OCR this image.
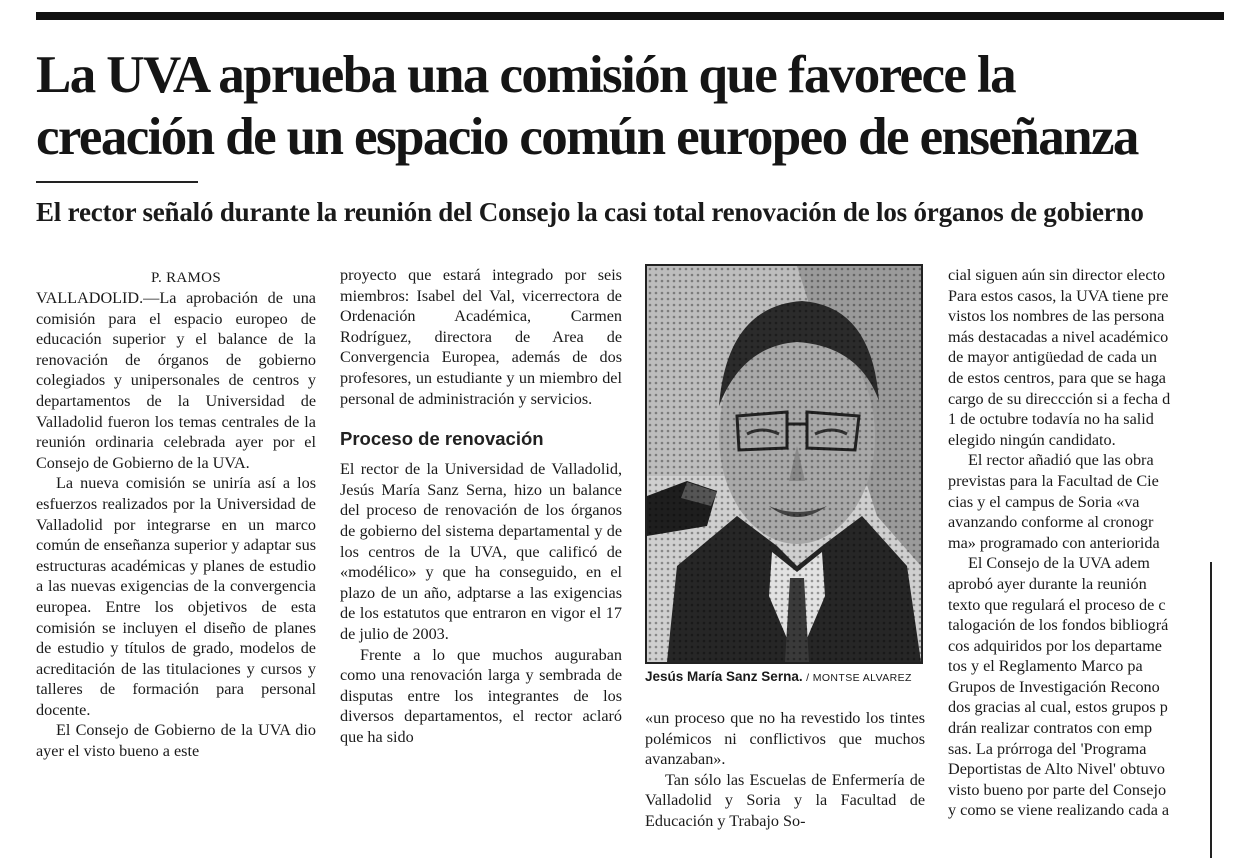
La UVA aprueba una comisión que favorece la
creación de un espacio común europeo de enseñanza
El rector señaló durante la reunión del Consejo la casi total renovación de los órganos de gobierno
P. RAMOS

VALLADOLID.—La aprobación de una comisión para el espacio europeo de educación superior y el balance de la renovación de órganos de gobierno colegiados y unipersonales de centros y departamentos de la Universidad de Valladolid fueron los temas centrales de la reunión ordinaria celebrada ayer por el Consejo de Gobierno de la UVA.

La nueva comisión se uniría así a los esfuerzos realizados por la Universidad de Valladolid por integrarse en un marco común de enseñanza superior y adaptar sus estructuras académicas y planes de estudio a las nuevas exigencias de la convergencia europea. Entre los objetivos de esta comisión se incluyen el diseño de planes de estudio y títulos de grado, modelos de acreditación de las titulaciones y cursos y talleres de formación para personal docente.

El Consejo de Gobierno de la UVA dio ayer el visto bueno a este

proyecto que estará integrado por seis miembros: Isabel del Val, vicerrectora de Ordenación Académica, Carmen Rodríguez, directora de Area de Convergencia Europea, además de dos profesores, un estudiante y un miembro del personal de administración y servicios.

Proceso de renovación

El rector de la Universidad de Valladolid, Jesús María Sanz Serna, hizo un balance del proceso de renovación de los órganos de gobierno del sistema departamental y de los centros de la UVA, que calificó de «modélico» y que ha conseguido, en el plazo de un año, adptarse a las exigencias de los estatutos que entraron en vigor el 17 de julio de 2003.

Frente a lo que muchos auguraban como una renovación larga y sembrada de disputas entre los integrantes de los diversos departamentos, el rector aclaró que ha sido

Jesús María Sanz Serna. / MONTSE ALVAREZ

«un proceso que no ha revestido los tintes polémicos ni conflictivos que muchos avanzaban».

Tan sólo las Escuelas de Enfermería de Valladolid y Soria y la Facultad de Educación y Trabajo So-

cial siguen aún sin director electo
Para estos casos, la UVA tiene pre
vistos los nombres de las persona
más destacadas a nivel académico
de mayor antigüedad de cada un
de estos centros, para que se haga
cargo de su direccción si a fecha d
1 de octubre todavía no ha salid
elegido ningún candidato.
El rector añadió que las obra
previstas para la Facultad de Cie
cias y el campus de Soria «va
avanzando conforme al cronogr
ma» programado con anteriorida
El Consejo de la UVA adem
aprobó ayer durante la reunión
texto que regulará el proceso de c
talogación de los fondos bibliográ
cos adquiridos por los departame
tos y el Reglamento Marco pa
Grupos de Investigación Recono
dos gracias al cual, estos grupos p
drán realizar contratos con emp
sas. La prórroga del 'Programa
Deportistas de Alto Nivel' obtuvo
visto bueno por parte del Consejo
y como se viene realizando cada a
